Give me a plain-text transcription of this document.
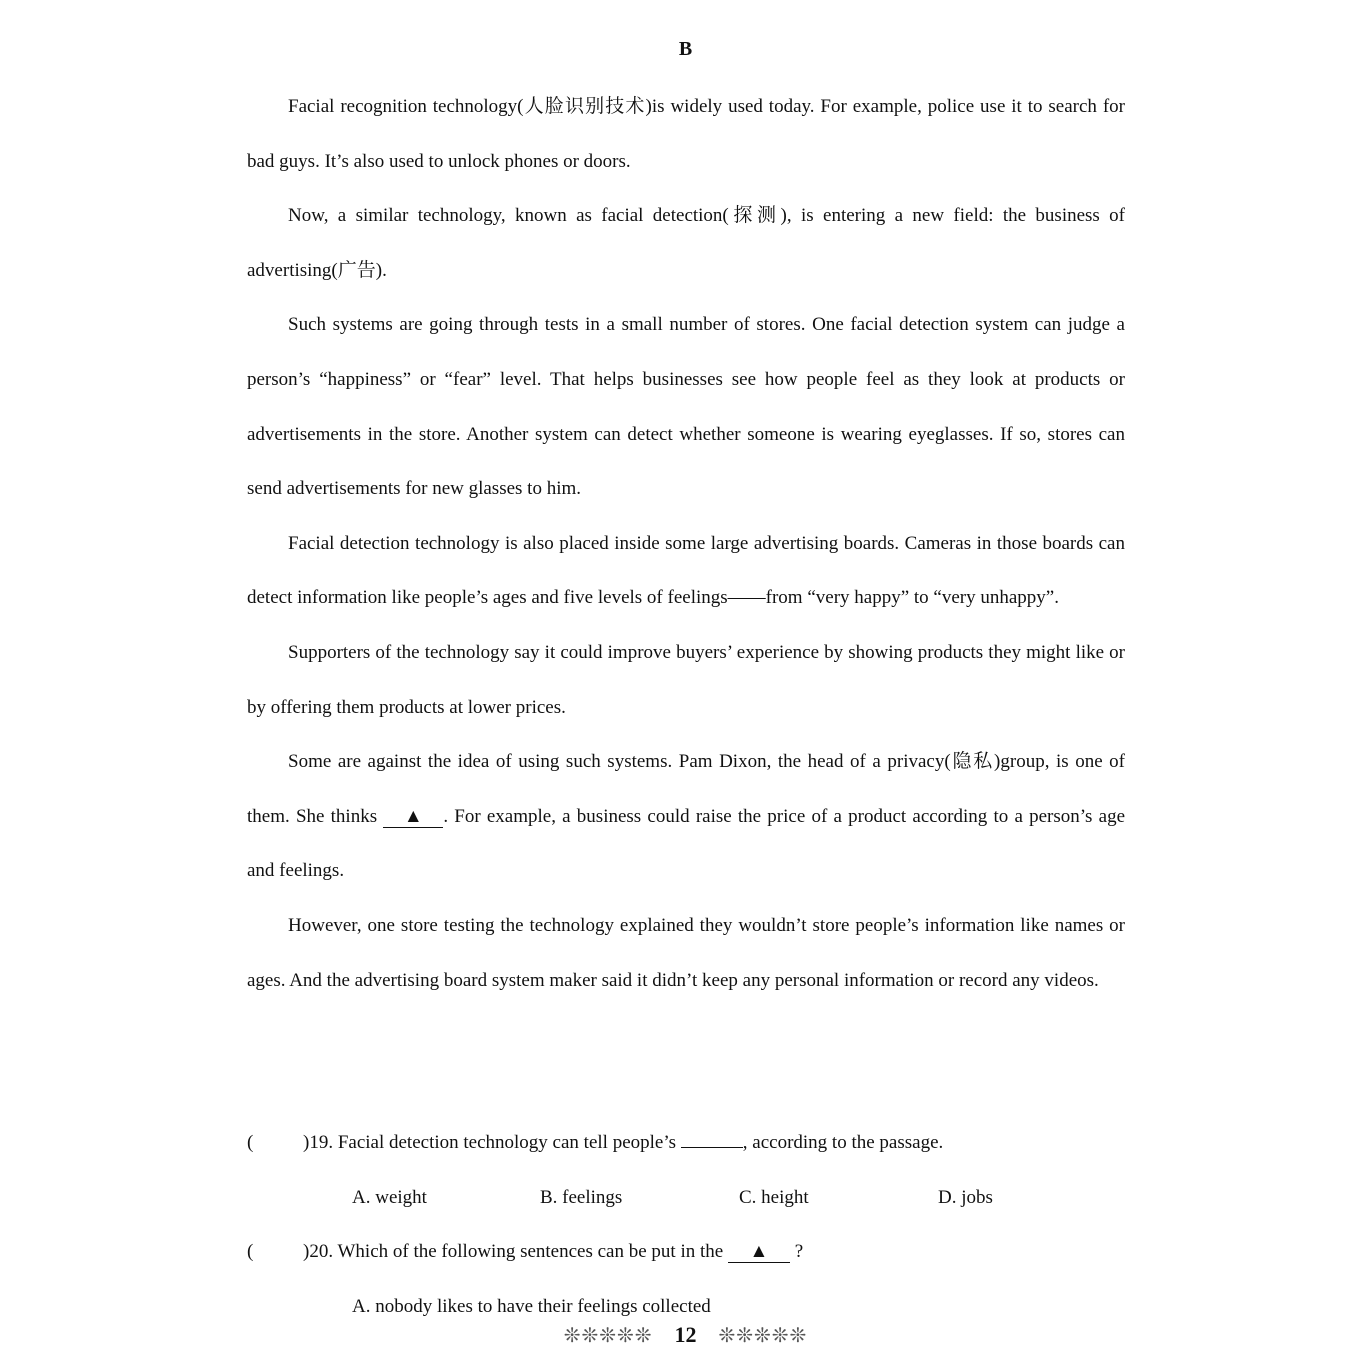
B

Facial recognition technology(人脸识别技术)is widely used today. For example, police use it to search for bad guys. It’s also used to unlock phones or doors.

Now, a similar technology, known as facial detection(探测), is entering a new field: the business of advertising(广告).

Such systems are going through tests in a small number of stores. One facial detection system can judge a person’s “happiness” or “fear” level. That helps businesses see how people feel as they look at products or advertisements in the store. Another system can detect whether someone is wearing eyeglasses. If so, stores can send advertisements for new glasses to him.

Facial detection technology is also placed inside some large advertising boards. Cameras in those boards can detect information like people’s ages and five levels of feelings——from “very happy” to “very unhappy”.

Supporters of the technology say it could improve buyers’ experience by showing products they might like or by offering them products at lower prices.

Some are against the idea of using such systems. Pam Dixon, the head of a privacy(隐私)group, is one of them. She thinks ▲ . For example, a business could raise the price of a product according to a person’s age and feelings.

However, one store testing the technology explained they wouldn’t store people’s information like names or ages. And the advertising board system maker said it didn’t keep any personal information or record any videos.

(	)19. Facial detection technology can tell people’s	, according to the passage.
A. weight	B. feelings	C. height	D. jobs
(	)20. Which of the following sentences can be put in the ▲ ?
A. nobody likes to have their feelings collected
❊❊❊❊❊ 12 ❊❊❊❊❊
